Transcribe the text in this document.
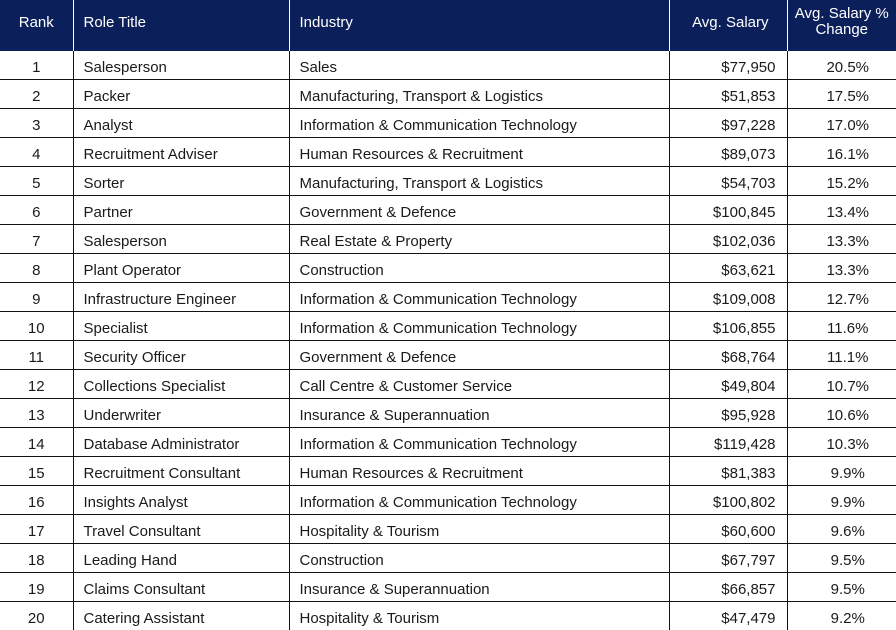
Rank	Role Title	Industry	Avg. Salary	Avg. Salary %
Change

1	Salesperson	Sales	$77,950	20.5%
2	Packer	Manufacturing, Transport & Logistics	$51,853	17.5%
3	Analyst	Information & Communication Technology	$97,228	17.0%
4	Recruitment Adviser	Human Resources & Recruitment	$89,073	16.1%
5	Sorter	Manufacturing, Transport & Logistics	$54,703	15.2%
6	Partner	Government & Defence	$100,845	13.4%
7	Salesperson	Real Estate & Property	$102,036	13.3%
8	Plant Operator	Construction	$63,621	13.3%
9	Infrastructure Engineer	Information & Communication Technology	$109,008	12.7%
10	Specialist	Information & Communication Technology	$106,855	11.6%
11	Security Officer	Government & Defence	$68,764	11.1%
12	Collections Specialist	Call Centre & Customer Service	$49,804	10.7%
13	Underwriter	Insurance & Superannuation	$95,928	10.6%
14	Database Administrator	Information & Communication Technology	$119,428	10.3%
15	Recruitment Consultant	Human Resources & Recruitment	$81,383	9.9%
16	Insights Analyst	Information & Communication Technology	$100,802	9.9%
17	Travel Consultant	Hospitality & Tourism	$60,600	9.6%
18	Leading Hand	Construction	$67,797	9.5%
19	Claims Consultant	Insurance & Superannuation	$66,857	9.5%
20	Catering Assistant	Hospitality & Tourism	$47,479	9.2%
